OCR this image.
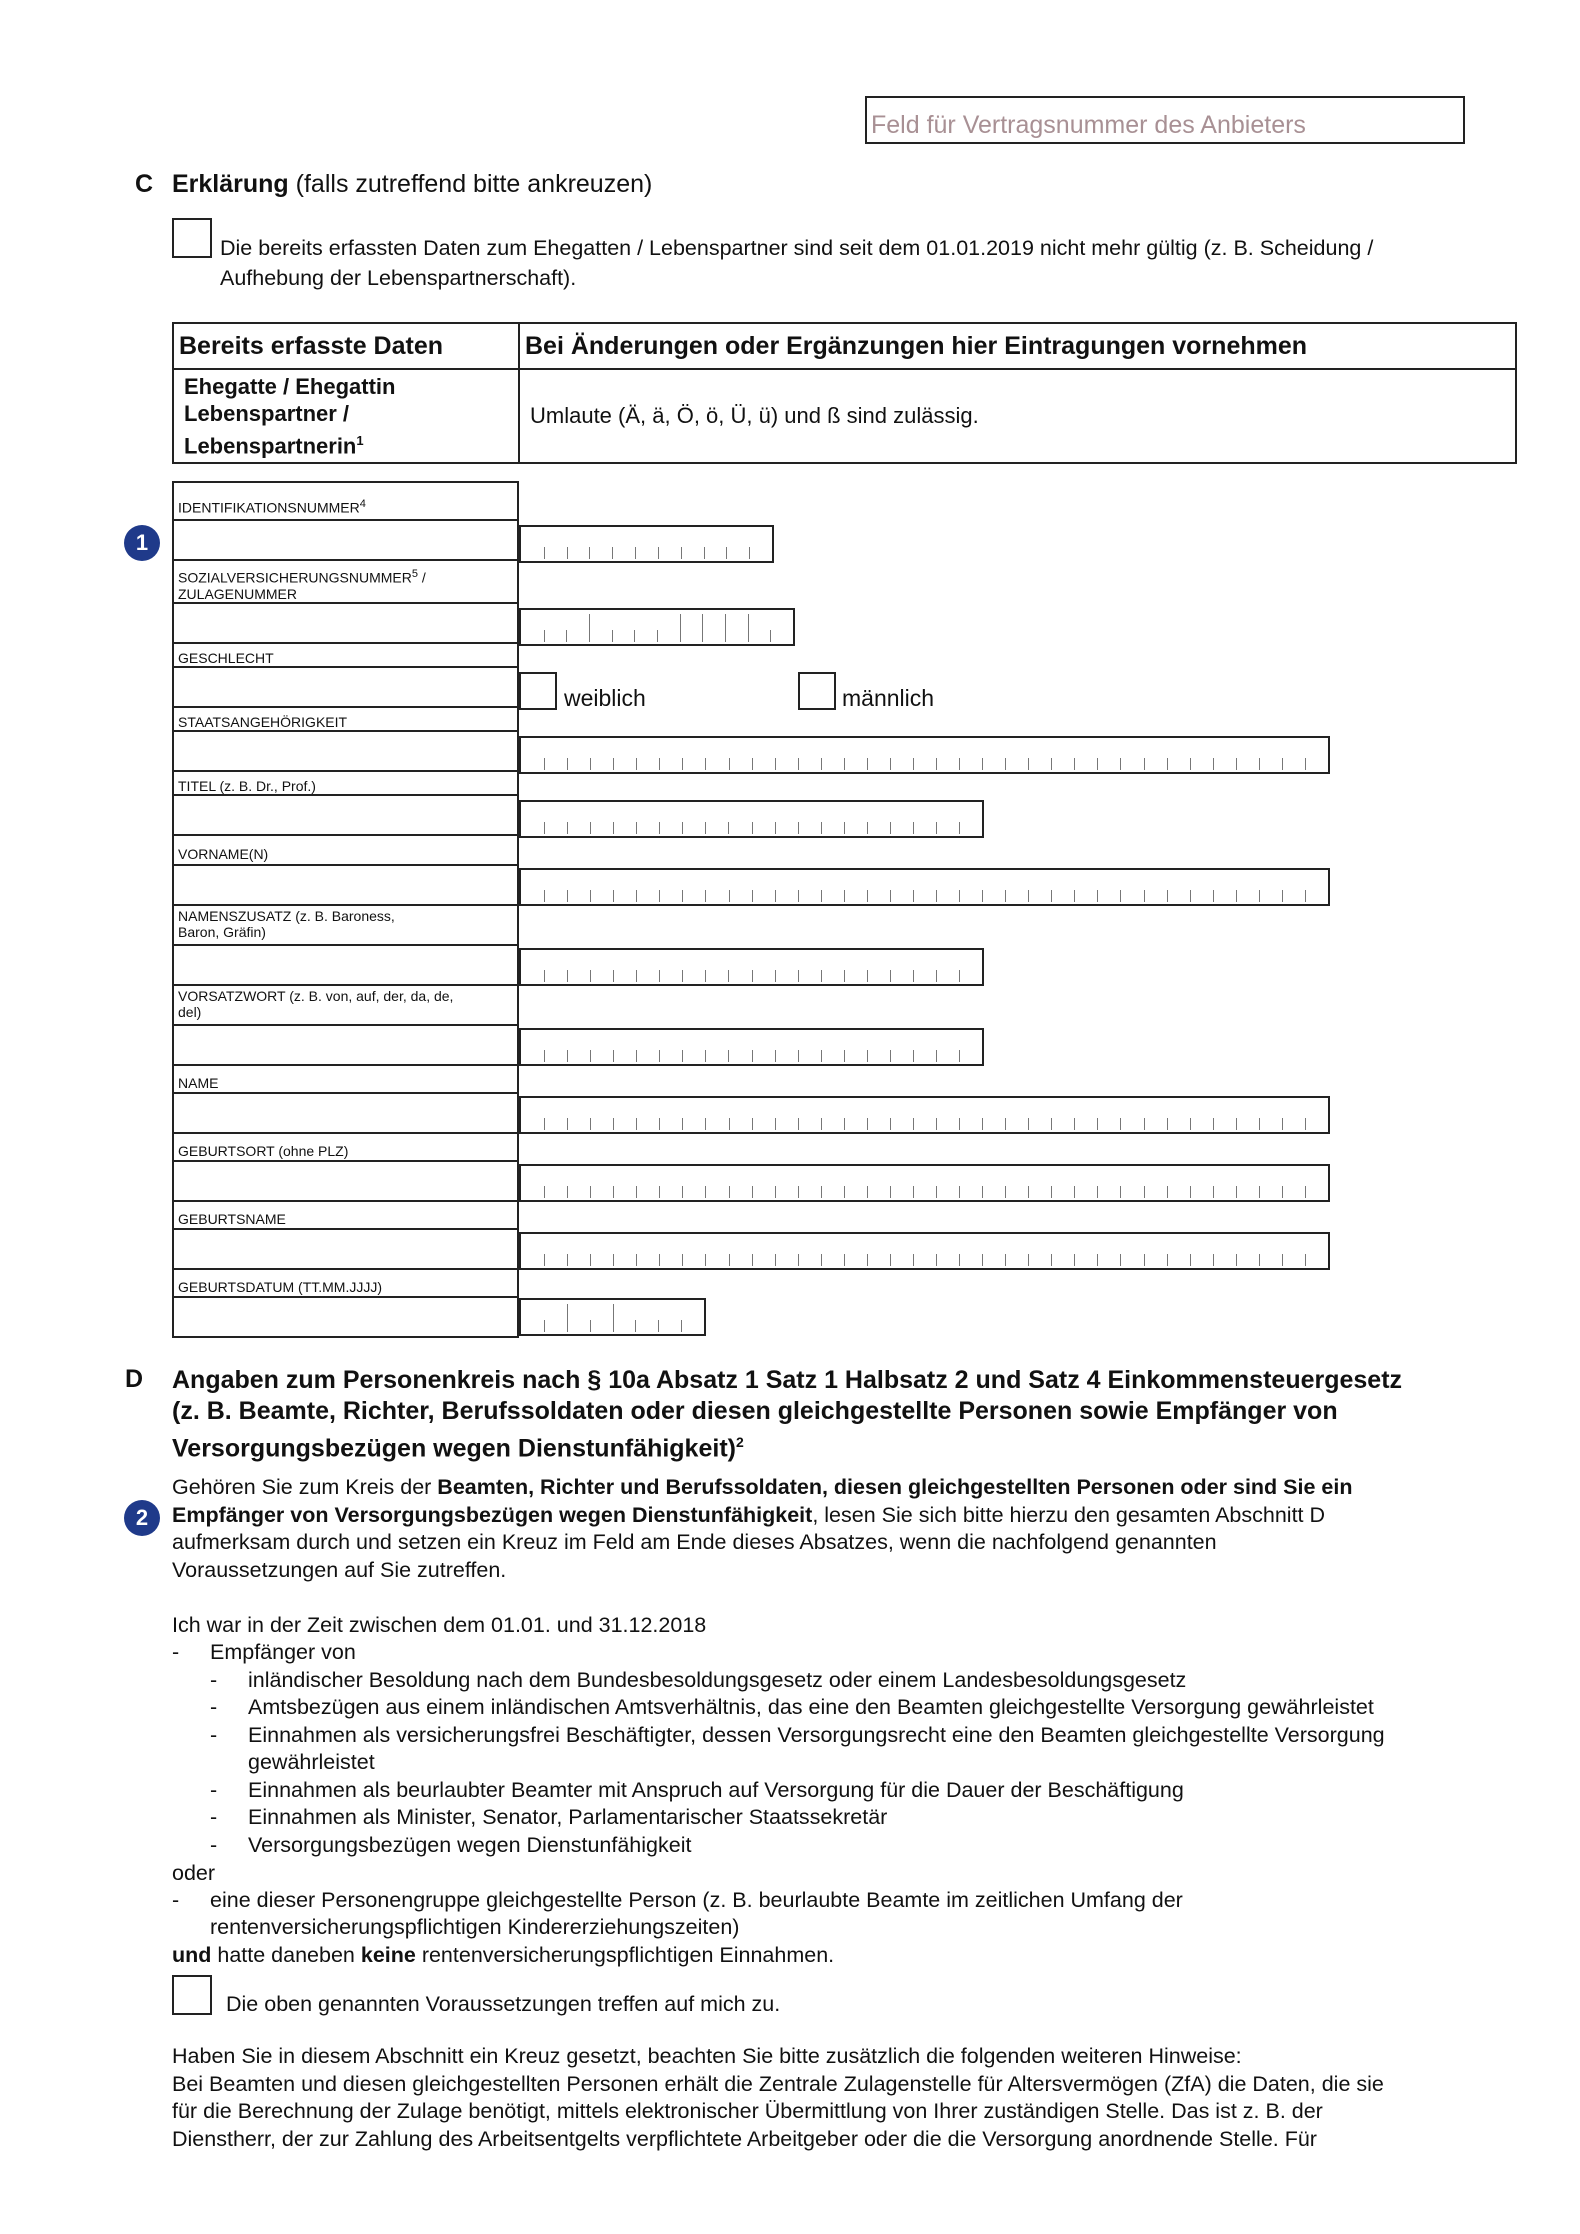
Feld für Vertragsnummer des Anbieters
C Erklärung (falls zutreffend bitte ankreuzen)
Die bereits erfassten Daten zum Ehegatten / Lebenspartner sind seit dem 01.01.2019 nicht mehr gültig (z. B. Scheidung /
Aufhebung der Lebenspartnerschaft).
Bereits erfasste Daten	Bei Änderungen oder Ergänzungen hier Eintragungen vornehmen

Ehegatte / Ehegattin
Lebenspartner /
Lebenspartnerin$^1$	Umlaute (Ä, ä, Ö, ö, Ü, ü) und ß sind zulässig.
1
IDENTIFIKATIONSNUMMER$^4$
SOZIALVERSICHERUNGSNUMMER$^5$ /
ZULAGENUMMER
GESCHLECHT
STAATSANGEHÖRIGKEIT
TITEL (z. B. Dr., Prof.)
VORNAME(N)
NAMENSZUSATZ (z. B. Baroness,
Baron, Gräfin)
VORSATZWORT (z. B. von, auf, der, da, de,
del)
NAME
GEBURTSORT (ohne PLZ)
GEBURTSNAME
GEBURTSDATUM (TT.MM.JJJJ)
weiblich	männlich
D Angaben zum Personenkreis nach § 10a Absatz 1 Satz 1 Halbsatz 2 und Satz 4 Einkommensteuergesetz
(z. B. Beamte, Richter, Berufssoldaten oder diesen gleichgestellte Personen sowie Empfänger von
Versorgungsbezügen wegen Dienstunfähigkeit)$^2$
2
Gehören Sie zum Kreis der Beamten, Richter und Berufssoldaten, diesen gleichgestellten Personen oder sind Sie ein
Empfänger von Versorgungsbezügen wegen Dienstunfähigkeit, lesen Sie sich bitte hierzu den gesamten Abschnitt D
aufmerksam durch und setzen ein Kreuz im Feld am Ende dieses Absatzes, wenn die nachfolgend genannten
Voraussetzungen auf Sie zutreffen.
Ich war in der Zeit zwischen dem 01.01. und 31.12.2018
- Empfänger von
- inländischer Besoldung nach dem Bundesbesoldungsgesetz oder einem Landesbesoldungsgesetz
- Amtsbezügen aus einem inländischen Amtsverhältnis, das eine den Beamten gleichgestellte Versorgung gewährleistet
- Einnahmen als versicherungsfrei Beschäftigter, dessen Versorgungsrecht eine den Beamten gleichgestellte Versorgung
gewährleistet
- Einnahmen als beurlaubter Beamter mit Anspruch auf Versorgung für die Dauer der Beschäftigung
- Einnahmen als Minister, Senator, Parlamentarischer Staatssekretär
- Versorgungsbezügen wegen Dienstunfähigkeit
oder
- eine dieser Personengruppe gleichgestellte Person (z. B. beurlaubte Beamte im zeitlichen Umfang der
rentenversicherungspflichtigen Kindererziehungszeiten)
und hatte daneben keine rentenversicherungspflichtigen Einnahmen.
Die oben genannten Voraussetzungen treffen auf mich zu.
Haben Sie in diesem Abschnitt ein Kreuz gesetzt, beachten Sie bitte zusätzlich die folgenden weiteren Hinweise:
Bei Beamten und diesen gleichgestellten Personen erhält die Zentrale Zulagenstelle für Altersvermögen (ZfA) die Daten, die sie
für die Berechnung der Zulage benötigt, mittels elektronischer Übermittlung von Ihrer zuständigen Stelle. Das ist z. B. der
Dienstherr, der zur Zahlung des Arbeitsentgelts verpflichtete Arbeitgeber oder die die Versorgung anordnende Stelle. Für
